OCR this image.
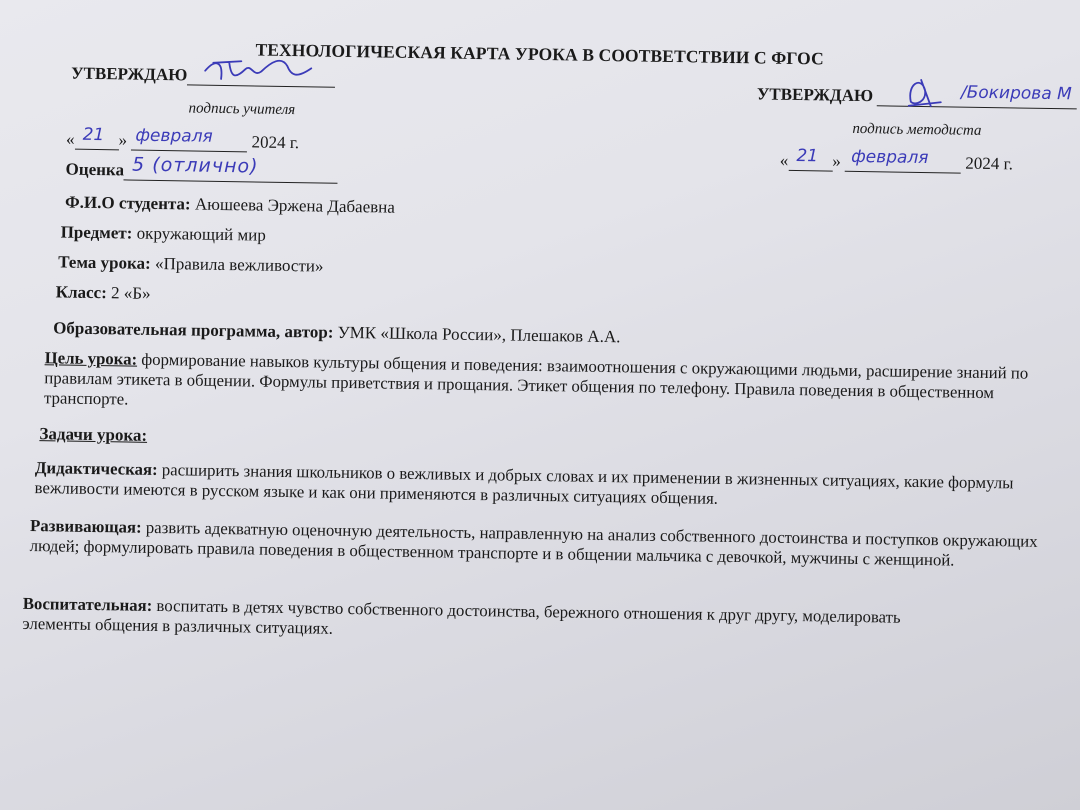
ТЕХНОЛОГИЧЕСКАЯ КАРТА УРОКА В СООТВЕТСТВИИ С ФГОС
УТВЕРЖДАЮ
подпись учителя
« 21 » февраля 2024 г.
УТВЕРЖДАЮ	/Бокирова М
подпись методиста
« 21 » февраля 2024 г.
Оценка 5 (отлично)
Ф.И.О студента: Аюшеева Эржена Дабаевна
Предмет: окружающий мир
Тема урока: «Правила вежливости»
Класс: 2 «Б»
Образовательная программа, автор: УМК «Школа России», Плешаков А.А.
Цель урока: формирование навыков культуры общения и поведения: взаимоотношения с окружающими людьми, расширение знаний по правилам этикета в общении. Формулы приветствия и прощания. Этикет общения по телефону. Правила поведения в общественном транспорте.
Задачи урока:
Дидактическая: расширить знания школьников о вежливых и добрых словах и их применении в жизненных ситуациях, какие формулы вежливости имеются в русском языке и как они применяются в различных ситуациях общения.
Развивающая: развить адекватную оценочную деятельность, направленную на анализ собственного достоинства и поступков окружающих людей; формулировать правила поведения в общественном транспорте и в общении мальчика с девочкой, мужчины с женщиной.
Воспитательная: воспитать в детях чувство собственного достоинства, бережного отношения к друг другу, моделировать элементы общения в различных ситуациях.
